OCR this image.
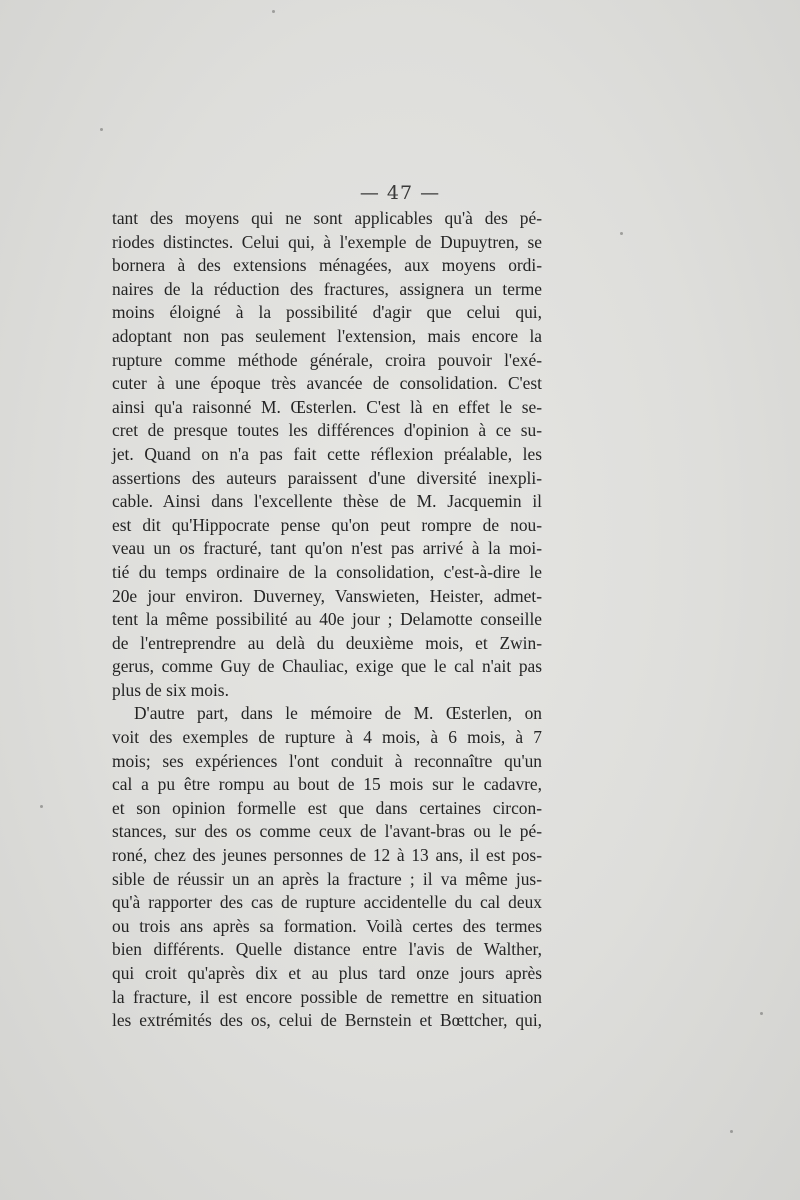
— 47 —
tant des moyens qui ne sont applicables qu'à des pé-
riodes distinctes. Celui qui, à l'exemple de Dupuytren, se
bornera à des extensions ménagées, aux moyens ordi-
naires de la réduction des fractures, assignera un terme
moins éloigné à la possibilité d'agir que celui qui,
adoptant non pas seulement l'extension, mais encore la
rupture comme méthode générale, croira pouvoir l'exé-
cuter à une époque très avancée de consolidation. C'est
ainsi qu'a raisonné M. Œsterlen. C'est là en effet le se-
cret de presque toutes les différences d'opinion à ce su-
jet. Quand on n'a pas fait cette réflexion préalable, les
assertions des auteurs paraissent d'une diversité inexpli-
cable. Ainsi dans l'excellente thèse de M. Jacquemin il
est dit qu'Hippocrate pense qu'on peut rompre de nou-
veau un os fracturé, tant qu'on n'est pas arrivé à la moi-
tié du temps ordinaire de la consolidation, c'est-à-dire le
20e jour environ. Duverney, Vanswieten, Heister, admet-
tent la même possibilité au 40e jour ; Delamotte conseille
de l'entreprendre au delà du deuxième mois, et Zwin-
gerus, comme Guy de Chauliac, exige que le cal n'ait pas
plus de six mois.
D'autre part, dans le mémoire de M. Œsterlen, on
voit des exemples de rupture à 4 mois, à 6 mois, à 7
mois; ses expériences l'ont conduit à reconnaître qu'un
cal a pu être rompu au bout de 15 mois sur le cadavre,
et son opinion formelle est que dans certaines circon-
stances, sur des os comme ceux de l'avant-bras ou le pé-
roné, chez des jeunes personnes de 12 à 13 ans, il est pos-
sible de réussir un an après la fracture ; il va même jus-
qu'à rapporter des cas de rupture accidentelle du cal deux
ou trois ans après sa formation. Voilà certes des termes
bien différents. Quelle distance entre l'avis de Walther,
qui croit qu'après dix et au plus tard onze jours après
la fracture, il est encore possible de remettre en situation
les extrémités des os, celui de Bernstein et Bœttcher, qui,
